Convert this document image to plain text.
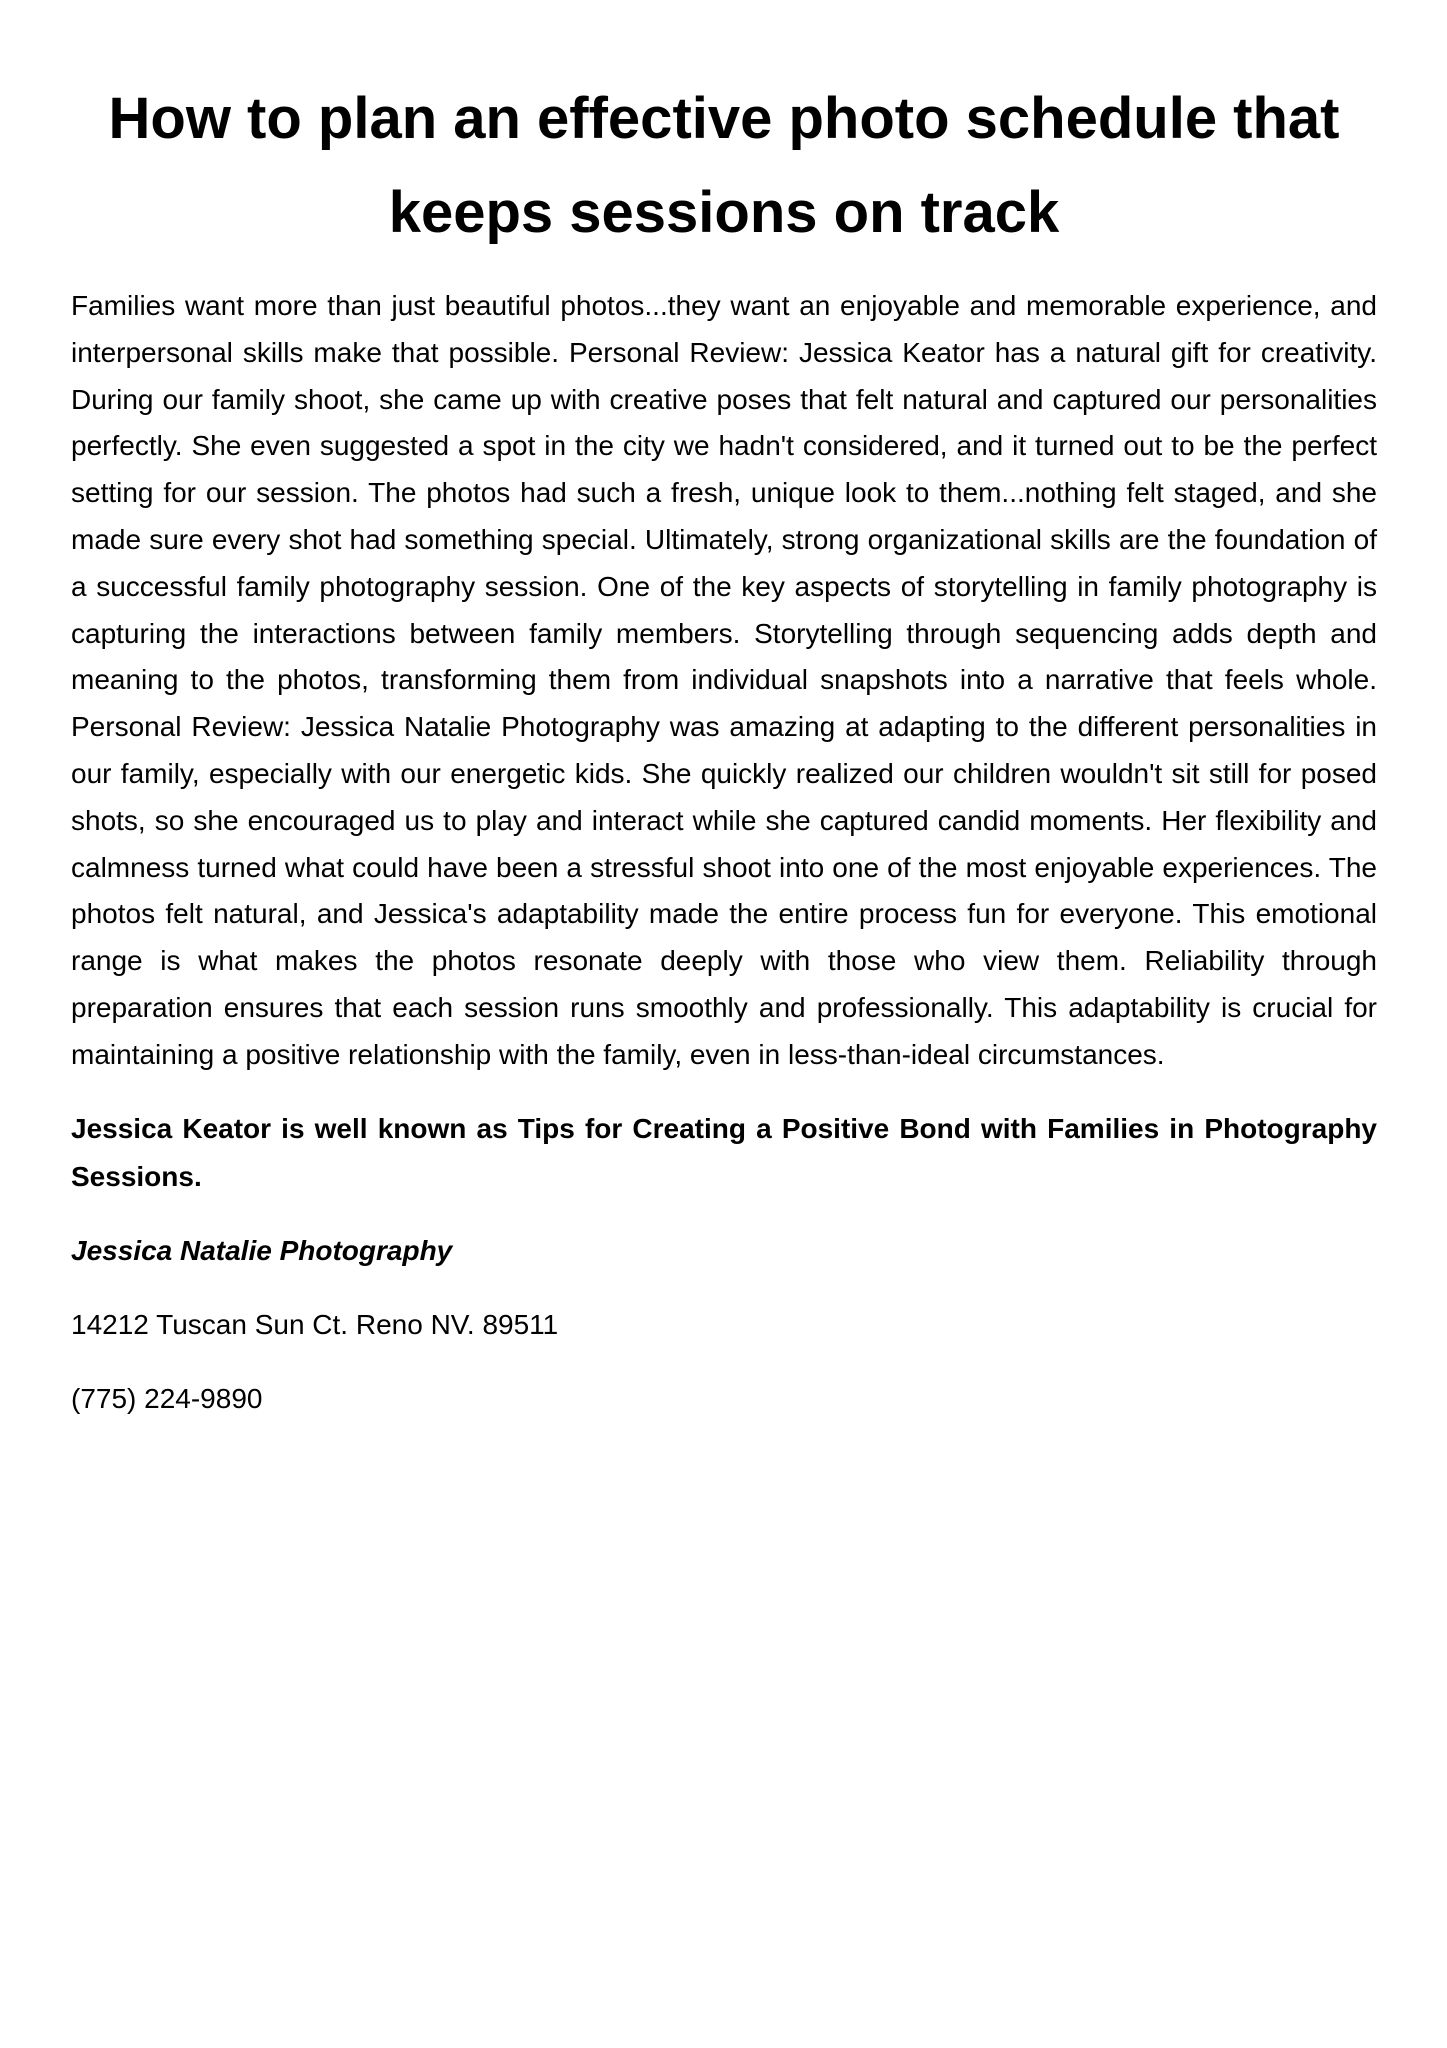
How to plan an effective photo schedule that keeps sessions on track

Families want more than just beautiful photos...they want an enjoyable and memorable experience, and interpersonal skills make that possible. Personal Review: Jessica Keator has a natural gift for creativity. During our family shoot, she came up with creative poses that felt natural and captured our personalities perfectly. She even suggested a spot in the city we hadn't considered, and it turned out to be the perfect setting for our session. The photos had such a fresh, unique look to them...nothing felt staged, and she made sure every shot had something special. Ultimately, strong organizational skills are the foundation of a successful family photography session. One of the key aspects of storytelling in family photography is capturing the interactions between family members. Storytelling through sequencing adds depth and meaning to the photos, transforming them from individual snapshots into a narrative that feels whole. Personal Review: Jessica Natalie Photography was amazing at adapting to the different personalities in our family, especially with our energetic kids. She quickly realized our children wouldn't sit still for posed shots, so she encouraged us to play and interact while she captured candid moments. Her flexibility and calmness turned what could have been a stressful shoot into one of the most enjoyable experiences. The photos felt natural, and Jessica's adaptability made the entire process fun for everyone. This emotional range is what makes the photos resonate deeply with those who view them. Reliability through preparation ensures that each session runs smoothly and professionally. This adaptability is crucial for maintaining a positive relationship with the family, even in less-than-ideal circumstances.

Jessica Keator is well known as Tips for Creating a Positive Bond with Families in Photography Sessions.

Jessica Natalie Photography

14212 Tuscan Sun Ct. Reno NV. 89511

(775) 224-9890
